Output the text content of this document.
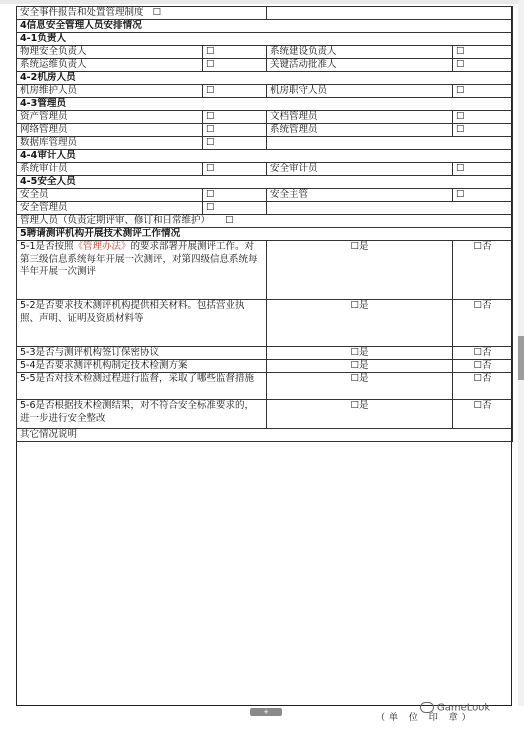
安全事件报告和处置管理制度 ☐			
4信息安全管理人员安排情况			
4-1负责人			
物理安全负责人	☐	系统建设负责人	☐
系统运维负责人	☐	关键活动批准人	☐
4-2机房人员			
机房维护人员	☐	机房职守人员	☐
4-3管理员			
资产管理员	☐	文档管理员	☐
网络管理员	☐	系统管理员	☐
数据库管理员	☐		
4-4审计人员			
系统审计员	☐	安全审计员	☐
4-5安全人员			
安全员	☐	安全主管	☐
安全管理员	☐		
管理人员（负责定期评审、修订和日常维护） ☐			
5聘请测评机构开展技术测评工作情况			
5-1是否按照《管理办法》的要求部署开展测评工作。对第三级信息系统每年开展一次测评，对第四级信息系统每半年开展一次测评		☐是	☐否
5-2是否要求技术测评机构提供相关材料。包括营业执照、声明、证明及资质材料等		☐是	☐否
5-3是否与测评机构签订保密协议		☐是	☐否
5-4是否要求测评机构制定技术检测方案		☐是	☐否
5-5是否对技术检测过程进行监督，采取了哪些监督措施		☐是	☐否
5-6是否根据技术检测结果，对不符合安全标准要求的，进一步进行安全整改		☐是	☐否
其它情况说明			
+
（单 位 印 章）
GameLook
